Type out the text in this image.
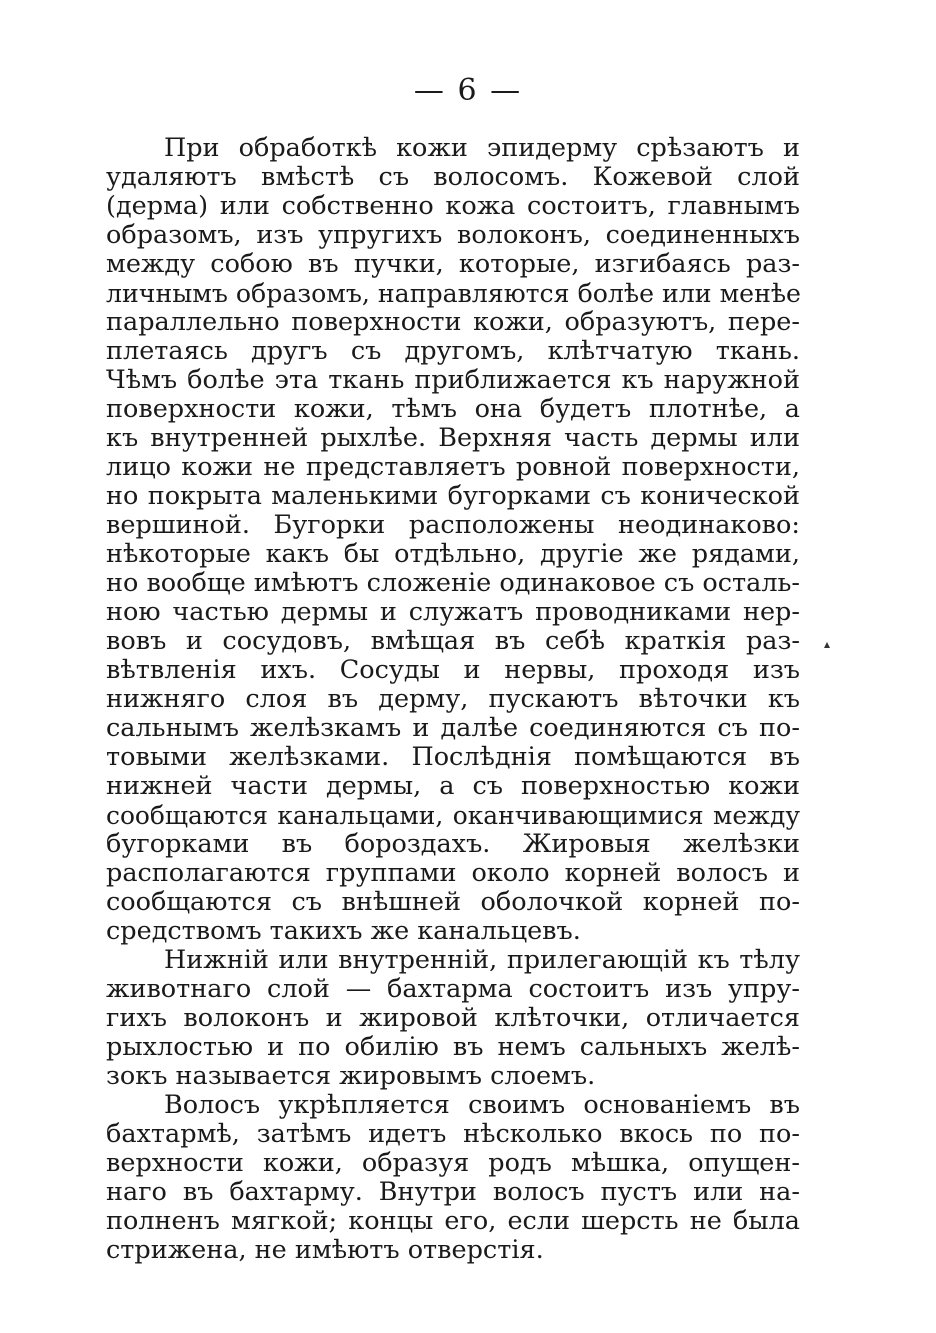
— 6 —
При обработкѣ кожи эпидерму срѣзаютъ и
удаляютъ вмѣстѣ съ волосомъ. Кожевой слой
(дерма) или собственно кожа состоитъ, главнымъ
образомъ, изъ упругихъ волоконъ, соединенныхъ
между собою въ пучки, которые, изгибаясь раз-
личнымъ образомъ, направляются болѣе или менѣе
параллельно поверхности кожи, образуютъ, пере-
плетаясь другъ съ другомъ, клѣтчатую ткань.
Чѣмъ болѣе эта ткань приближается къ наружной
поверхности кожи, тѣмъ она будетъ плотнѣе, а
къ внутренней рыхлѣе. Верхняя часть дермы или
лицо кожи не представляетъ ровной поверхности,
но покрыта маленькими бугорками съ конической
вершиной. Бугорки расположены неодинаково:
нѣкоторые какъ бы отдѣльно, другіе же рядами,
но вообще имѣютъ сложеніе одинаковое съ осталь-
ною частью дермы и служатъ проводниками нер-
вовъ и сосудовъ, вмѣщая въ себѣ краткія раз-
вѣтвленія ихъ. Сосуды и нервы, проходя изъ
нижняго слоя въ дерму, пускаютъ вѣточки къ
сальнымъ желѣзкамъ и далѣе соединяются съ по-
товыми желѣзками. Послѣднія помѣщаются въ
нижней части дермы, а съ поверхностью кожи
сообщаются канальцами, оканчивающимися между
бугорками въ бороздахъ. Жировыя желѣзки
располагаются группами около корней волосъ и
сообщаются съ внѣшней оболочкой корней по-
средствомъ такихъ же канальцевъ.
Нижній или внутренній, прилегающій къ тѣлу
животнаго слой — бахтарма состоитъ изъ упру-
гихъ волоконъ и жировой клѣточки, отличается
рыхлостью и по обилію въ немъ сальныхъ желѣ-
зокъ называется жировымъ слоемъ.
Волосъ укрѣпляется своимъ основаніемъ въ
бахтармѣ, затѣмъ идетъ нѣсколько вкось по по-
верхности кожи, образуя родъ мѣшка, опущен-
наго въ бахтарму. Внутри волосъ пустъ или на-
полненъ мягкой; концы его, если шерсть не была
стрижена, не имѣютъ отверстія.
